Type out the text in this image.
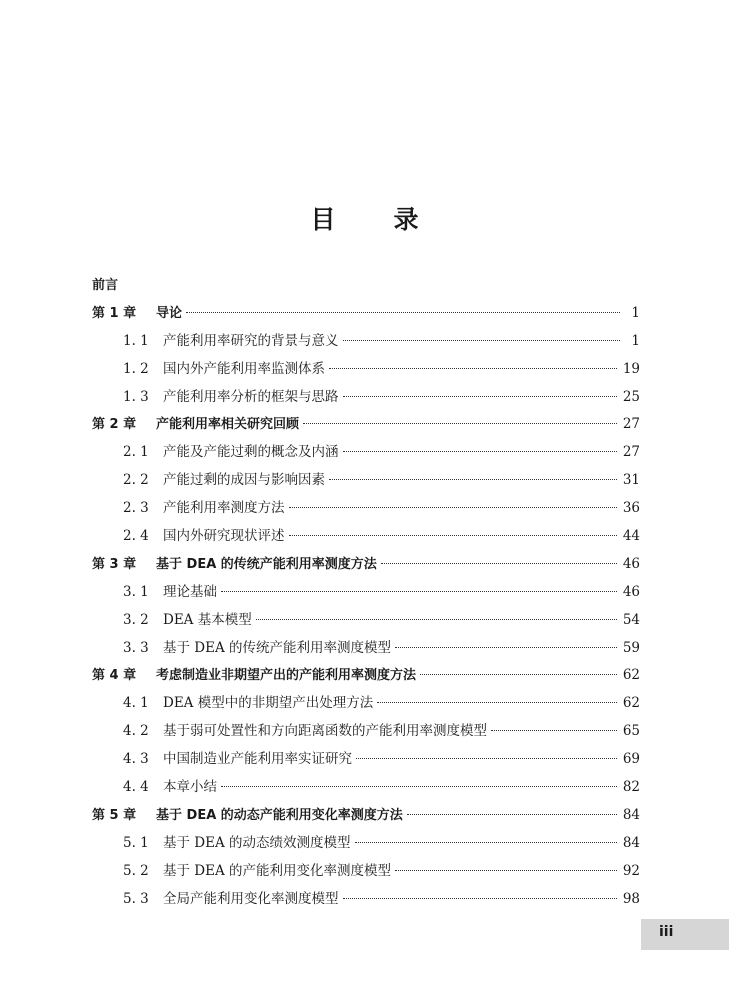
目 录
前言
第 1 章	导论	1
1. 1	产能利用率研究的背景与意义	1
1. 2	国内外产能利用率监测体系	19
1. 3	产能利用率分析的框架与思路	25
第 2 章	产能利用率相关研究回顾	27
2. 1	产能及产能过剩的概念及内涵	27
2. 2	产能过剩的成因与影响因素	31
2. 3	产能利用率测度方法	36
2. 4	国内外研究现状评述	44
第 3 章	基于 DEA 的传统产能利用率测度方法	46
3. 1	理论基础	46
3. 2	DEA 基本模型	54
3. 3	基于 DEA 的传统产能利用率测度模型	59
第 4 章	考虑制造业非期望产出的产能利用率测度方法	62
4. 1	DEA 模型中的非期望产出处理方法	62
4. 2	基于弱可处置性和方向距离函数的产能利用率测度模型	65
4. 3	中国制造业产能利用率实证研究	69
4. 4	本章小结	82
第 5 章	基于 DEA 的动态产能利用变化率测度方法	84
5. 1	基于 DEA 的动态绩效测度模型	84
5. 2	基于 DEA 的产能利用变化率测度模型	92
5. 3	全局产能利用变化率测度模型	98
iii
